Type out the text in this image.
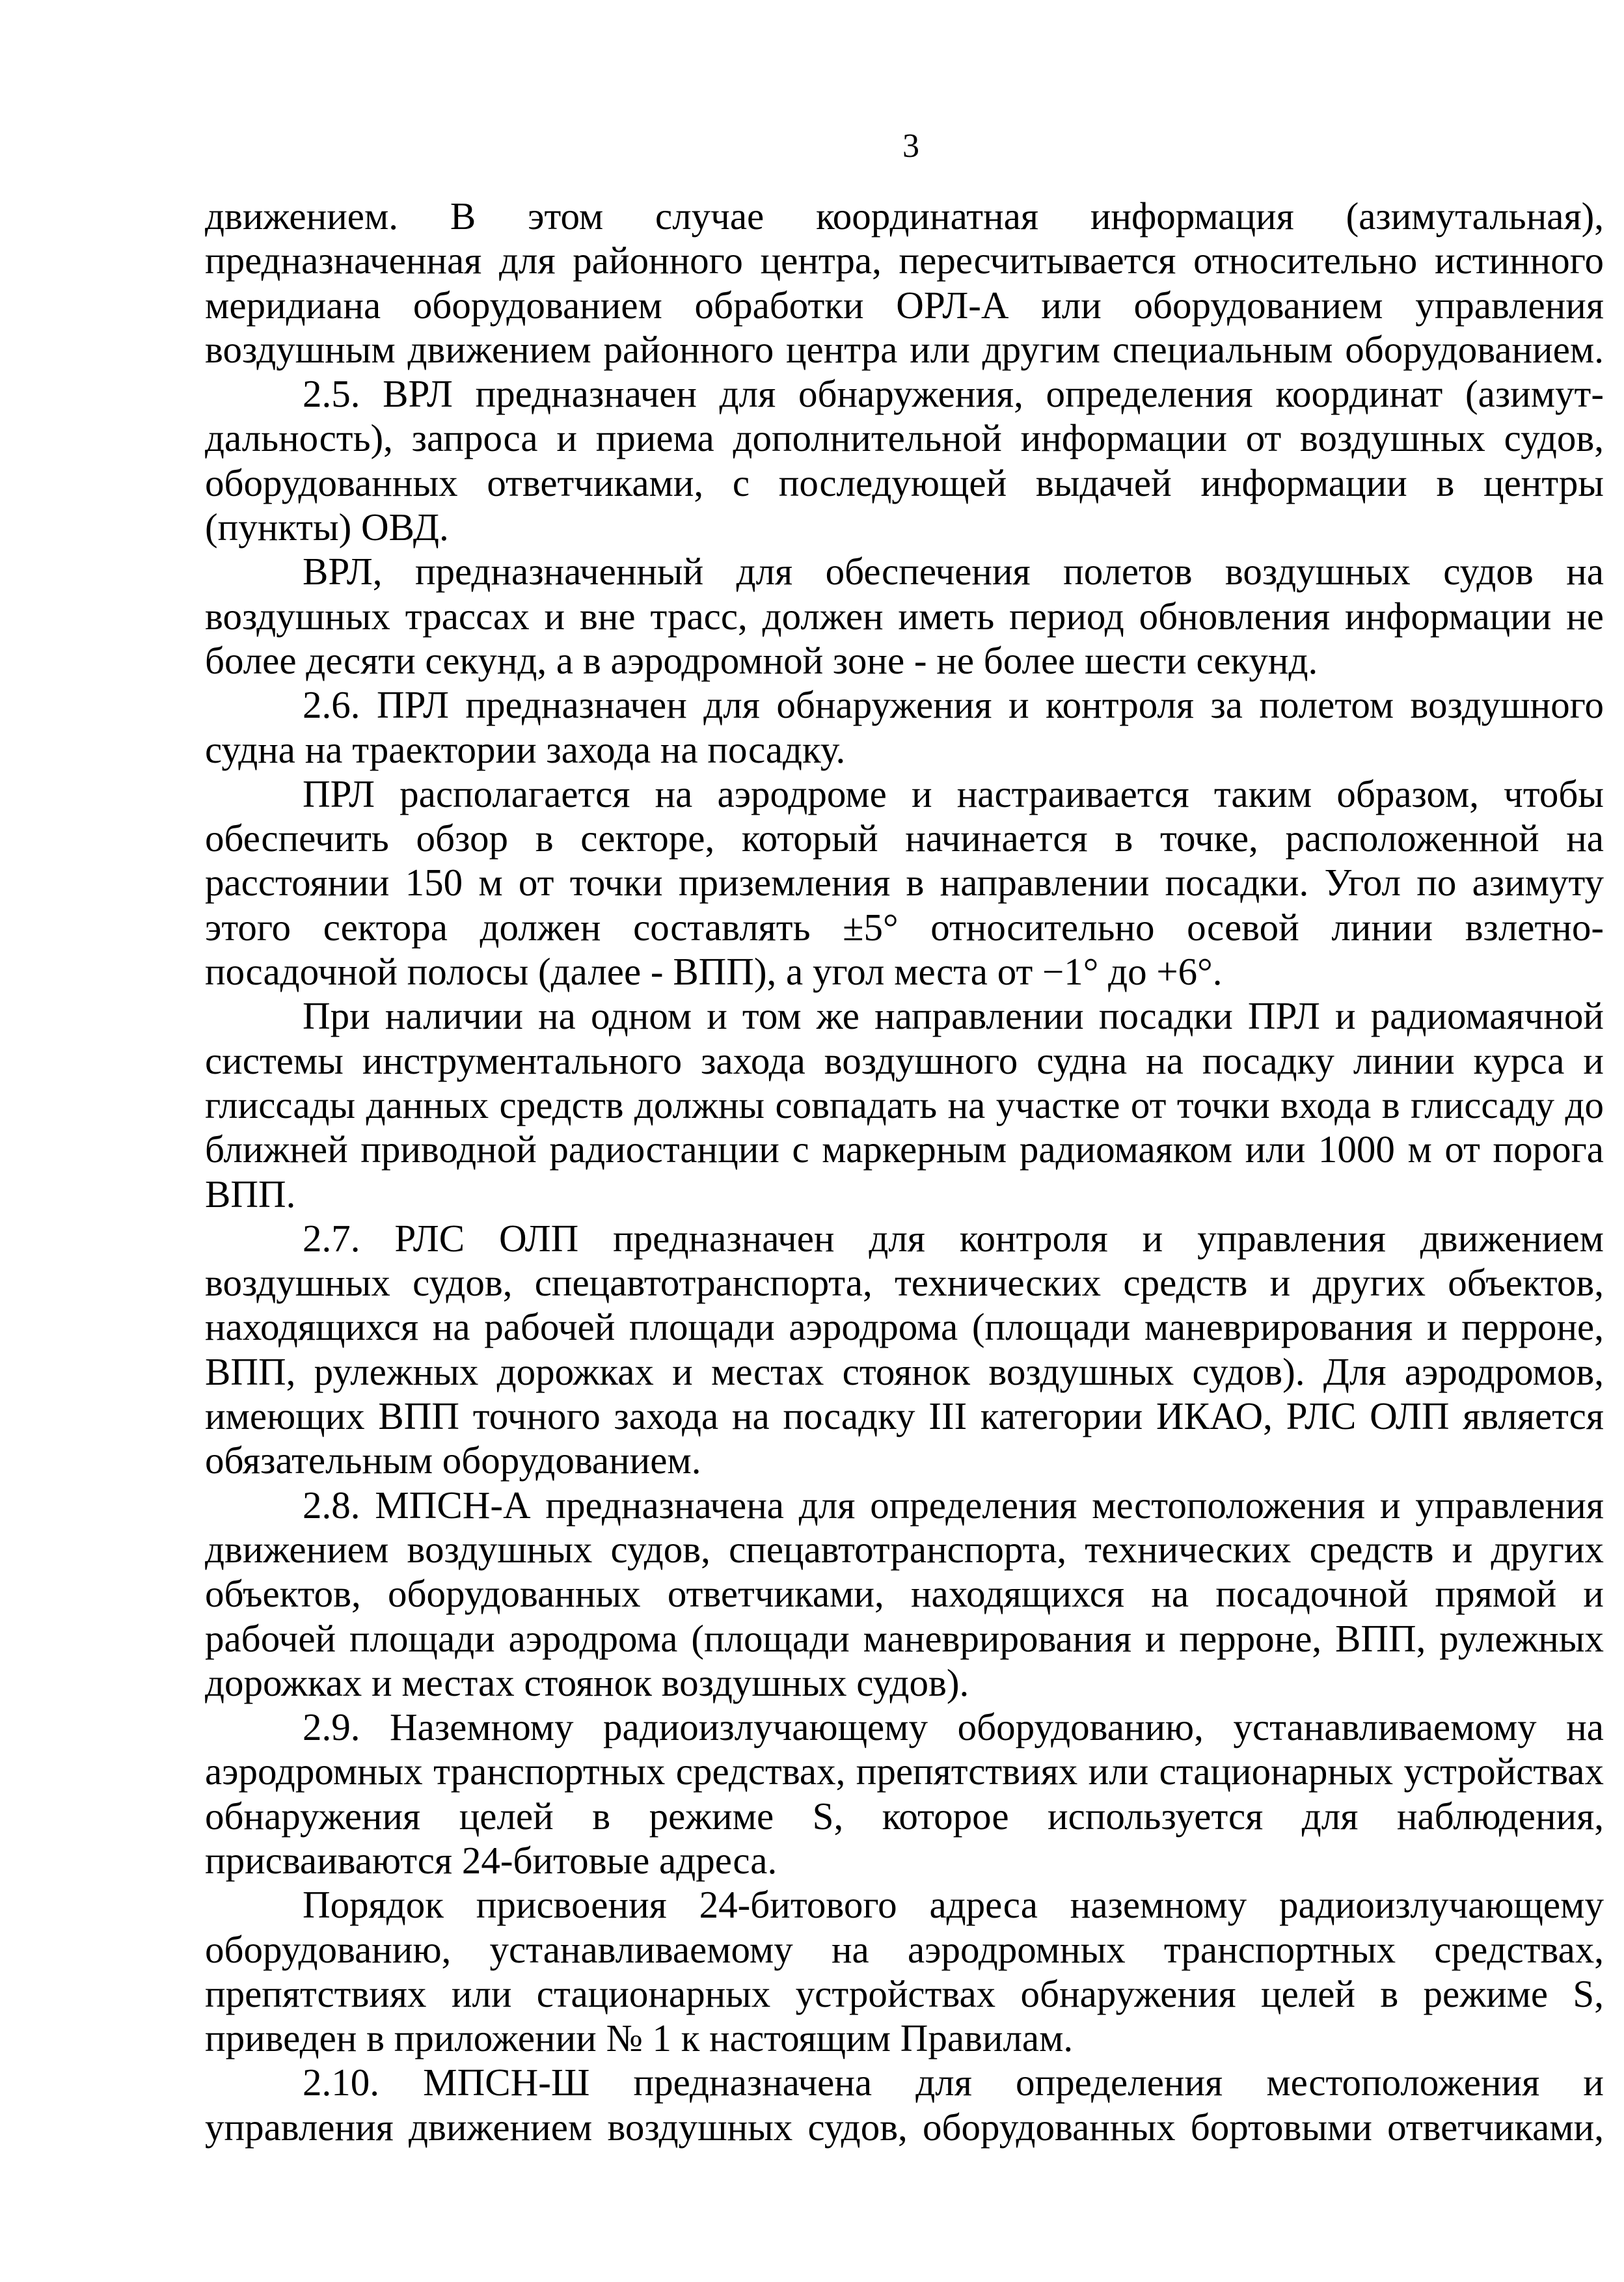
3
движением. В этом случае координатная информация (азимутальная),
предназначенная для районного центра, пересчитывается относительно истинного
меридиана оборудованием обработки ОРЛ-А или оборудованием управления
воздушным движением районного центра или другим специальным оборудованием.
2.5. ВРЛ предназначен для обнаружения, определения координат (азимут-
дальность), запроса и приема дополнительной информации от воздушных судов,
оборудованных ответчиками, с последующей выдачей информации в центры
(пункты) ОВД.
ВРЛ, предназначенный для обеспечения полетов воздушных судов на
воздушных трассах и вне трасс, должен иметь период обновления информации не
более десяти секунд, а в аэродромной зоне - не более шести секунд.
2.6. ПРЛ предназначен для обнаружения и контроля за полетом воздушного
судна на траектории захода на посадку.
ПРЛ располагается на аэродроме и настраивается таким образом, чтобы
обеспечить обзор в секторе, который начинается в точке, расположенной на
расстоянии 150 м от точки приземления в направлении посадки. Угол по азимуту
этого сектора должен составлять ±5° относительно осевой линии взлетно-
посадочной полосы (далее - ВПП), а угол места от −1° до +6°.
При наличии на одном и том же направлении посадки ПРЛ и радиомаячной
системы инструментального захода воздушного судна на посадку линии курса и
глиссады данных средств должны совпадать на участке от точки входа в глиссаду до
ближней приводной радиостанции с маркерным радиомаяком или 1000 м от порога
ВПП.
2.7. РЛС ОЛП предназначен для контроля и управления движением
воздушных судов, спецавтотранспорта, технических средств и других объектов,
находящихся на рабочей площади аэродрома (площади маневрирования и перроне,
ВПП, рулежных дорожках и местах стоянок воздушных судов). Для аэродромов,
имеющих ВПП точного захода на посадку III категории ИКАО, РЛС ОЛП является
обязательным оборудованием.
2.8. МПСН-А предназначена для определения местоположения и управления
движением воздушных судов, спецавтотранспорта, технических средств и других
объектов, оборудованных ответчиками, находящихся на посадочной прямой и
рабочей площади аэродрома (площади маневрирования и перроне, ВПП, рулежных
дорожках и местах стоянок воздушных судов).
2.9. Наземному радиоизлучающему оборудованию, устанавливаемому на
аэродромных транспортных средствах, препятствиях или стационарных устройствах
обнаружения целей в режиме S, которое используется для наблюдения,
присваиваются 24-битовые адреса.
Порядок присвоения 24-битового адреса наземному радиоизлучающему
оборудованию, устанавливаемому на аэродромных транспортных средствах,
препятствиях или стационарных устройствах обнаружения целей в режиме S,
приведен в приложении № 1 к настоящим Правилам.
2.10. МПСН-Ш предназначена для определения местоположения и
управления движением воздушных судов, оборудованных бортовыми ответчиками,
